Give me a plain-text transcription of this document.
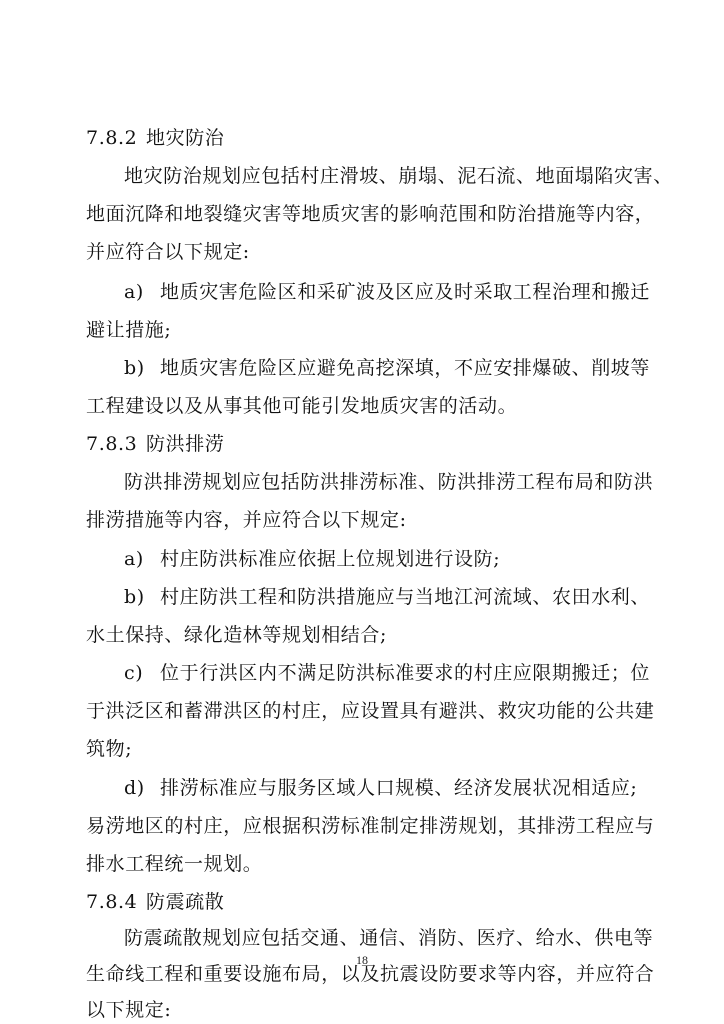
7.8.2 地灾防治
地灾防治规划应包括村庄滑坡、崩塌、泥石流、地面塌陷灾害、
地面沉降和地裂缝灾害等地质灾害的影响范围和防治措施等内容，
并应符合以下规定:
a) 地质灾害危险区和采矿波及区应及时采取工程治理和搬迁
避让措施;
b) 地质灾害危险区应避免高挖深填，不应安排爆破、削坡等
工程建设以及从事其他可能引发地质灾害的活动。
7.8.3 防洪排涝
防洪排涝规划应包括防洪排涝标准、防洪排涝工程布局和防洪
排涝措施等内容，并应符合以下规定:
a) 村庄防洪标准应依据上位规划进行设防;
b) 村庄防洪工程和防洪措施应与当地江河流域、农田水利、
水土保持、绿化造林等规划相结合;
c) 位于行洪区内不满足防洪标准要求的村庄应限期搬迁；位
于洪泛区和蓄滞洪区的村庄，应设置具有避洪、救灾功能的公共建
筑物;
d) 排涝标准应与服务区域人口规模、经济发展状况相适应;
易涝地区的村庄，应根据积涝标准制定排涝规划，其排涝工程应与
排水工程统一规划。
7.8.4 防震疏散
防震疏散规划应包括交通、通信、消防、医疗、给水、供电等
生命线工程和重要设施布局，以及抗震设防要求等内容，并应符合
以下规定:
18
